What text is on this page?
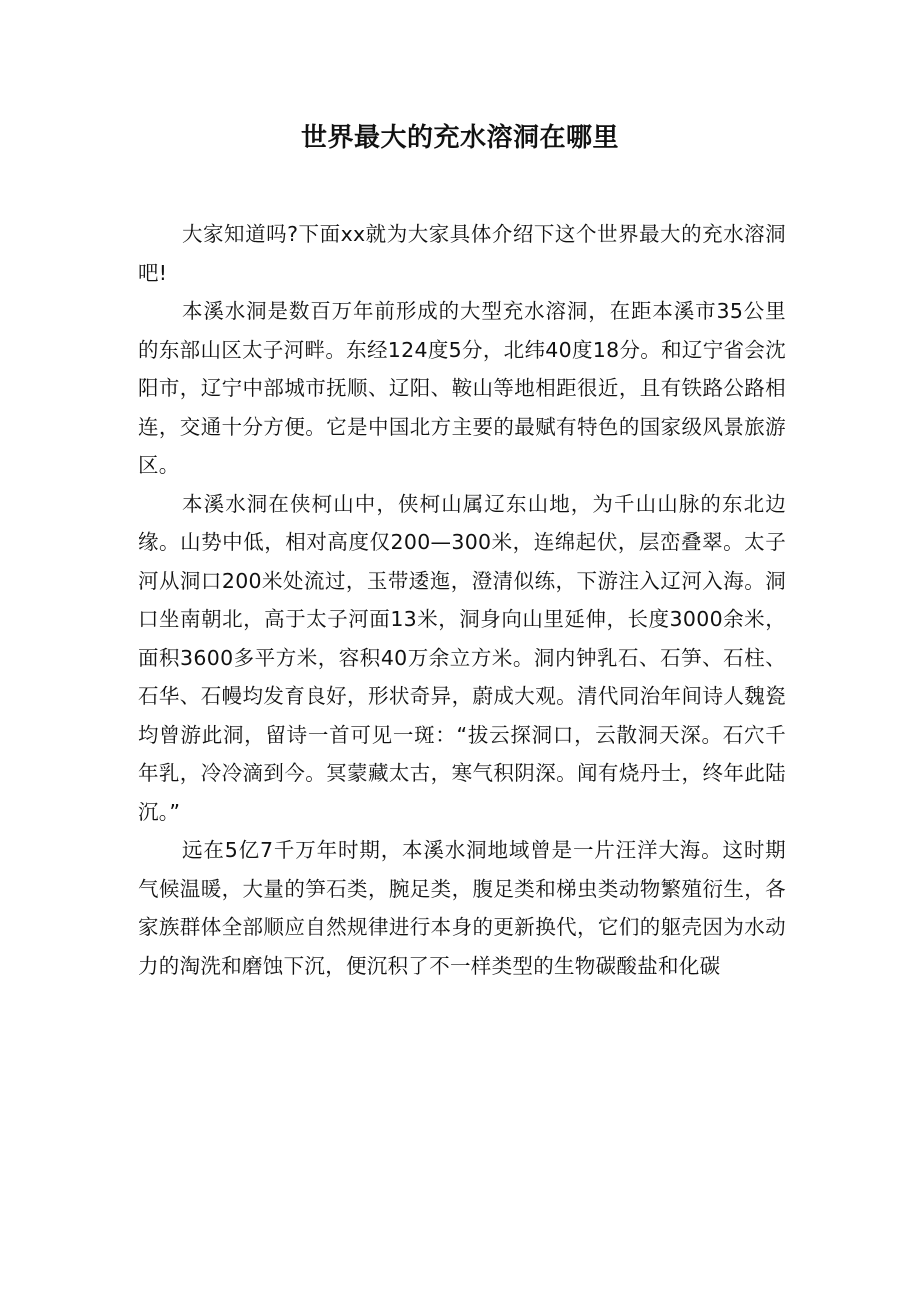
世界最大的充水溶洞在哪里

大家知道吗?下面xx就为大家具体介绍下这个世界最大的充水溶洞吧!

本溪水洞是数百万年前形成的大型充水溶洞，在距本溪市35公里的东部山区太子河畔。东经124度5分，北纬40度18分。和辽宁省会沈阳市，辽宁中部城市抚顺、辽阳、鞍山等地相距很近，且有铁路公路相连，交通十分方便。它是中国北方主要的最赋有特色的国家级风景旅游区。

本溪水洞在侠柯山中，侠柯山属辽东山地，为千山山脉的东北边缘。山势中低，相对高度仅200—300米，连绵起伏，层峦叠翠。太子河从洞口200米处流过，玉带逶迤，澄清似练，下游注入辽河入海。洞口坐南朝北，高于太子河面13米，洞身向山里延伸，长度3000余米，面积3600多平方米，容积40万余立方米。洞内钟乳石、石笋、石柱、石华、石幔均发育良好，形状奇异，蔚成大观。清代同治年间诗人魏瓷均曾游此洞，留诗一首可见一斑：“拔云探洞口，云散洞天深。石穴千年乳，冷冷滴到今。冥蒙藏太古，寒气积阴深。闻有烧丹士，终年此陆沉。”

远在5亿7千万年时期，本溪水洞地域曾是一片汪洋大海。这时期气候温暖，大量的笋石类，腕足类，腹足类和梯虫类动物繁殖衍生，各家族群体全部顺应自然规律进行本身的更新换代，它们的躯壳因为水动力的淘洗和磨蚀下沉，便沉积了不一样类型的生物碳酸盐和化碳
